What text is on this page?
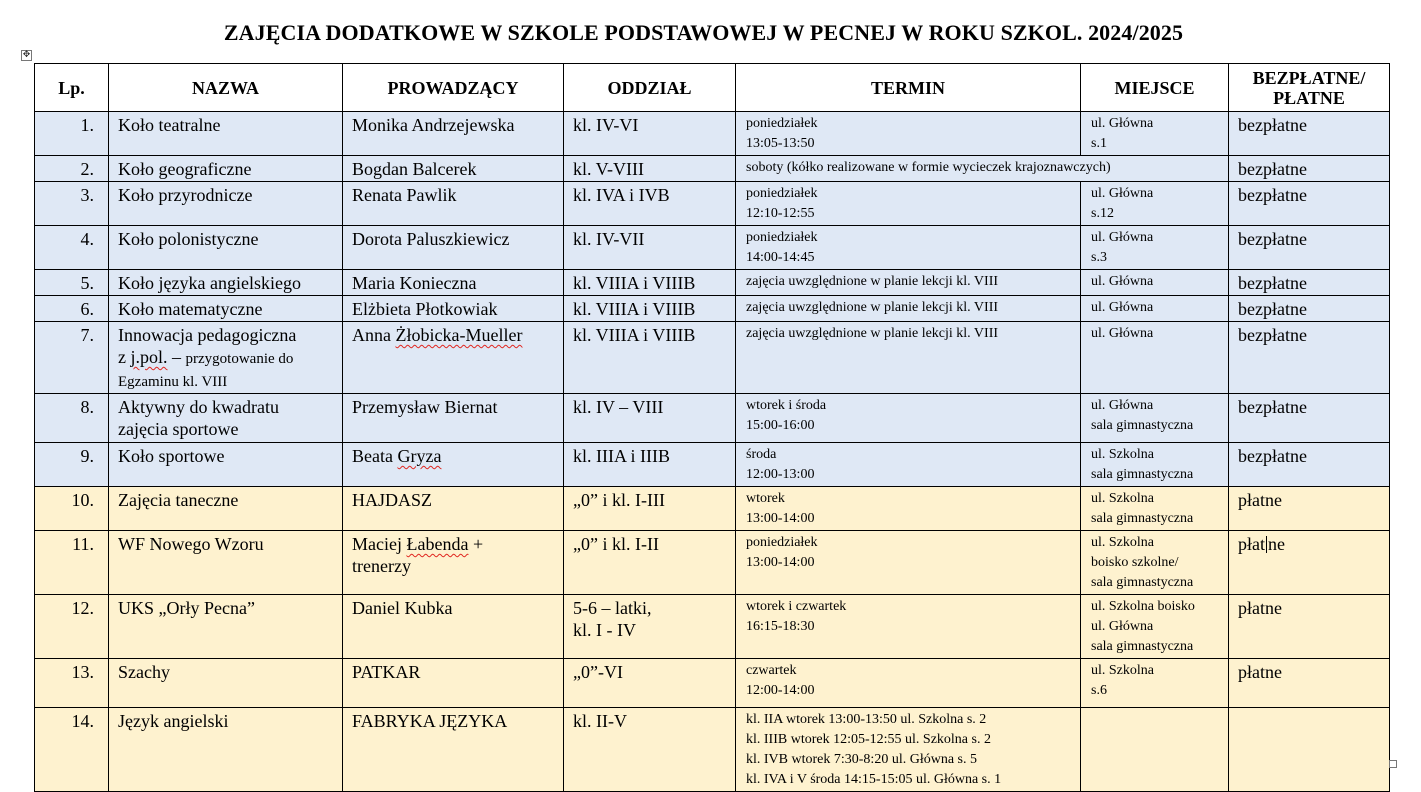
ZAJĘCIA DODATKOWE W SZKOLE PODSTAWOWEJ W PECNEJ W ROKU SZKOL. 2024/2025
✥
Lp.	NAZWA	PROWADZĄCY	ODDZIAŁ	TERMIN	MIEJSCE	BEZPŁATNE/
PŁATNE
1.	Koło teatralne	Monika Andrzejewska	kl. IV-VI	poniedziałek
13:05-13:50	ul. Główna
s.1	bezpłatne
2.	Koło geograficzne	Bogdan Balcerek	kl. V-VIII	soboty (kółko realizowane w formie wycieczek krajoznawczych)		bezpłatne
3.	Koło przyrodnicze	Renata Pawlik	kl. IVA i IVB	poniedziałek
12:10-12:55	ul. Główna
s.12	bezpłatne
4.	Koło polonistyczne	Dorota Paluszkiewicz	kl. IV-VII	poniedziałek
14:00-14:45	ul. Główna
s.3	bezpłatne
5.	Koło języka angielskiego	Maria Konieczna	kl. VIIIA i VIIIB	zajęcia uwzględnione w planie lekcji kl. VIII	ul. Główna	bezpłatne
6.	Koło matematyczne	Elżbieta Płotkowiak	kl. VIIIA i VIIIB	zajęcia uwzględnione w planie lekcji kl. VIII	ul. Główna	bezpłatne
7.	Innowacja pedagogiczna
z j.pol. – przygotowanie do Egzaminu kl. VIII	Anna Żłobicka-Mueller	kl. VIIIA i VIIIB	zajęcia uwzględnione w planie lekcji kl. VIII	ul. Główna	bezpłatne
8.	Aktywny do kwadratu
zajęcia sportowe	Przemysław Biernat	kl. IV – VIII	wtorek i środa
15:00-16:00	ul. Główna
sala gimnastyczna	bezpłatne
9.	Koło sportowe	Beata Gryza	kl. IIIA i IIIB	środa
12:00-13:00	ul. Szkolna
sala gimnastyczna	bezpłatne
10.	Zajęcia taneczne	HAJDASZ	„0” i kl. I-III	wtorek
13:00-14:00	ul. Szkolna
sala gimnastyczna	płatne
11.	WF Nowego Wzoru	Maciej Łabenda +
trenerzy	„0” i kl. I-II	poniedziałek
13:00-14:00	ul. Szkolna
boisko szkolne/
sala gimnastyczna	płat ne
12.	UKS „Orły Pecna”	Daniel Kubka	5-6 – latki,
kl. I - IV	wtorek i czwartek
16:15-18:30	ul. Szkolna boisko
ul. Główna
sala gimnastyczna	płatne
13.	Szachy	PATKAR	„0”-VI	czwartek
12:00-14:00	ul. Szkolna
s.6	płatne
14.	Język angielski	FABRYKA JĘZYKA	kl. II-V	kl. IIA wtorek 13:00-13:50 ul. Szkolna s. 2
kl. IIIB wtorek 12:05-12:55 ul. Szkolna s. 2
kl. IVB wtorek 7:30-8:20 ul. Główna s. 5
kl. IVA i V środa 14:15-15:05 ul. Główna s. 1		
